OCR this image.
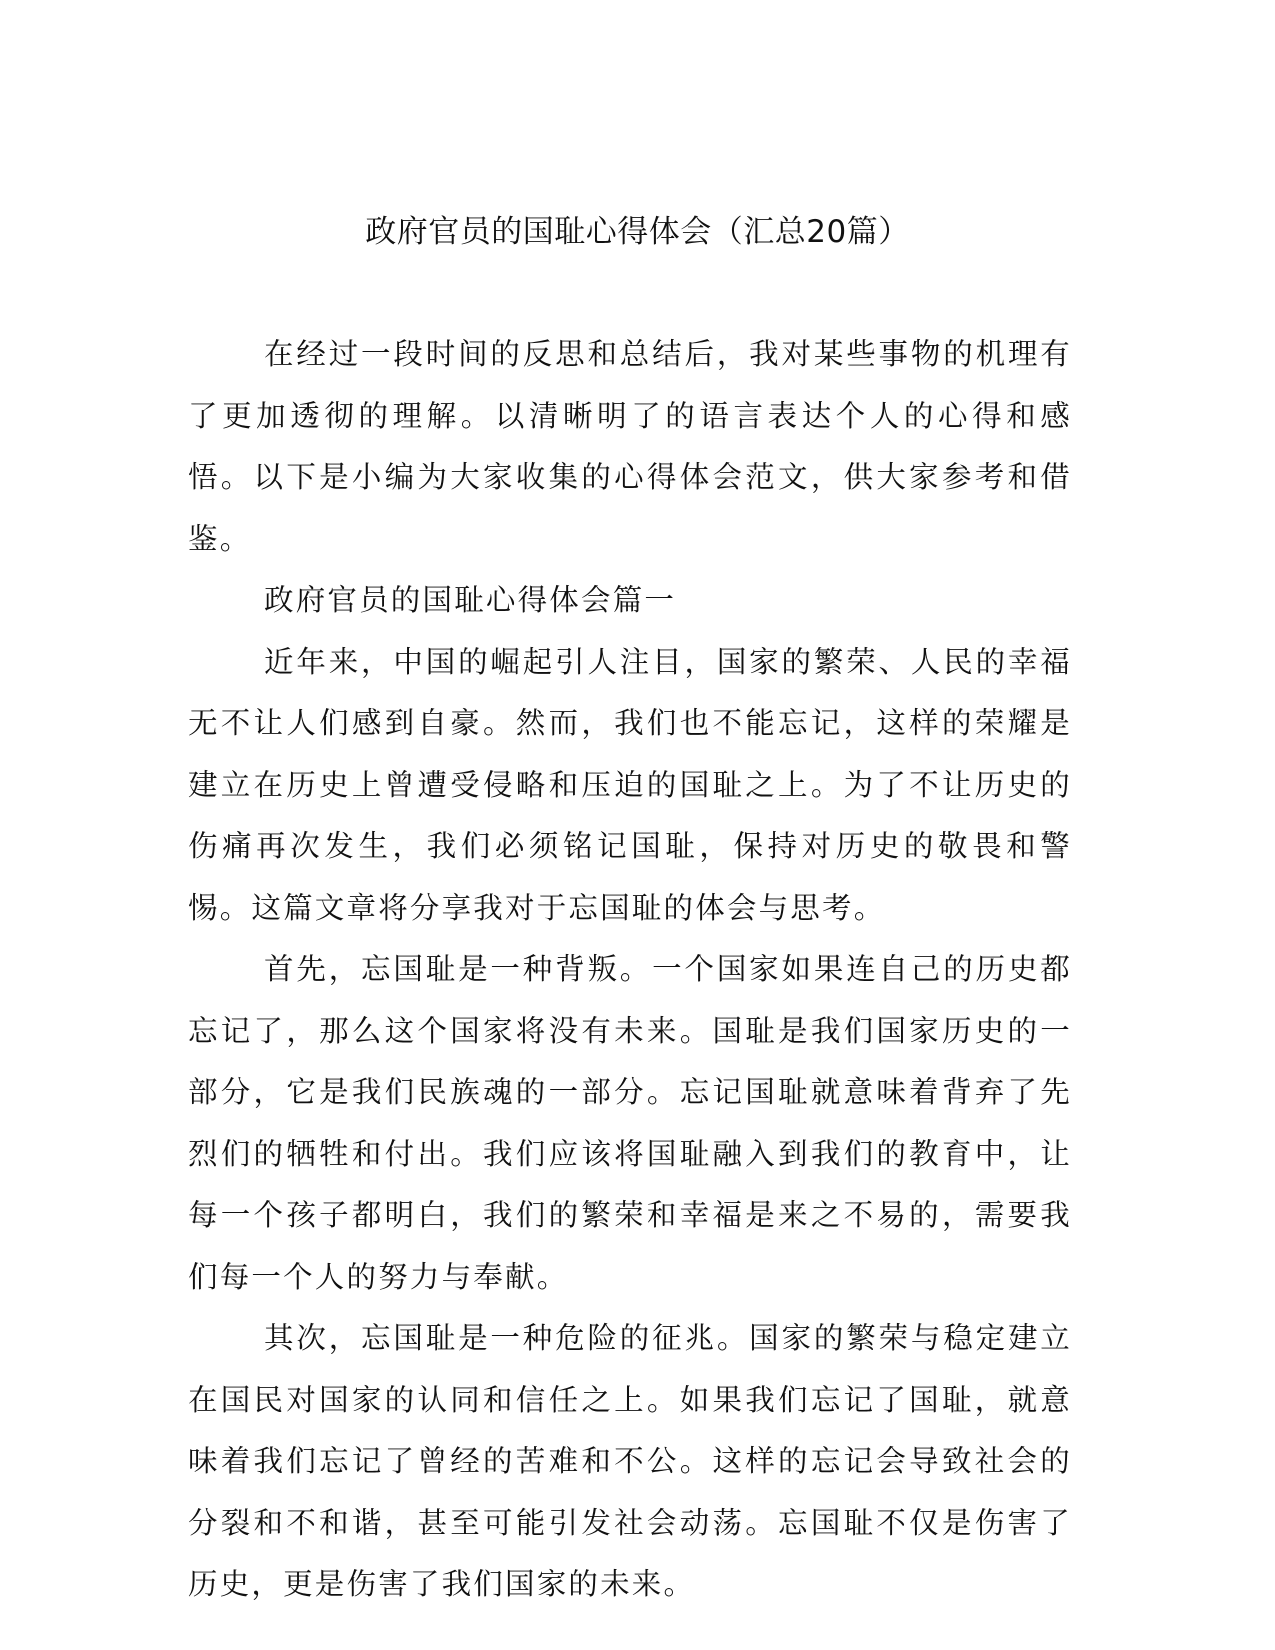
政府官员的国耻心得体会（汇总20篇）

在经过一段时间的反思和总结后，我对某些事物的机理有了更加透彻的理解。以清晰明了的语言表达个人的心得和感悟。以下是小编为大家收集的心得体会范文，供大家参考和借鉴。

政府官员的国耻心得体会篇一

近年来，中国的崛起引人注目，国家的繁荣、人民的幸福无不让人们感到自豪。然而，我们也不能忘记，这样的荣耀是建立在历史上曾遭受侵略和压迫的国耻之上。为了不让历史的伤痛再次发生，我们必须铭记国耻，保持对历史的敬畏和警惕。这篇文章将分享我对于忘国耻的体会与思考。

首先，忘国耻是一种背叛。一个国家如果连自己的历史都忘记了，那么这个国家将没有未来。国耻是我们国家历史的一部分，它是我们民族魂的一部分。忘记国耻就意味着背弃了先烈们的牺牲和付出。我们应该将国耻融入到我们的教育中，让每一个孩子都明白，我们的繁荣和幸福是来之不易的，需要我们每一个人的努力与奉献。

其次，忘国耻是一种危险的征兆。国家的繁荣与稳定建立在国民对国家的认同和信任之上。如果我们忘记了国耻，就意味着我们忘记了曾经的苦难和不公。这样的忘记会导致社会的分裂和不和谐，甚至可能引发社会动荡。忘国耻不仅是伤害了历史，更是伤害了我们国家的未来。
